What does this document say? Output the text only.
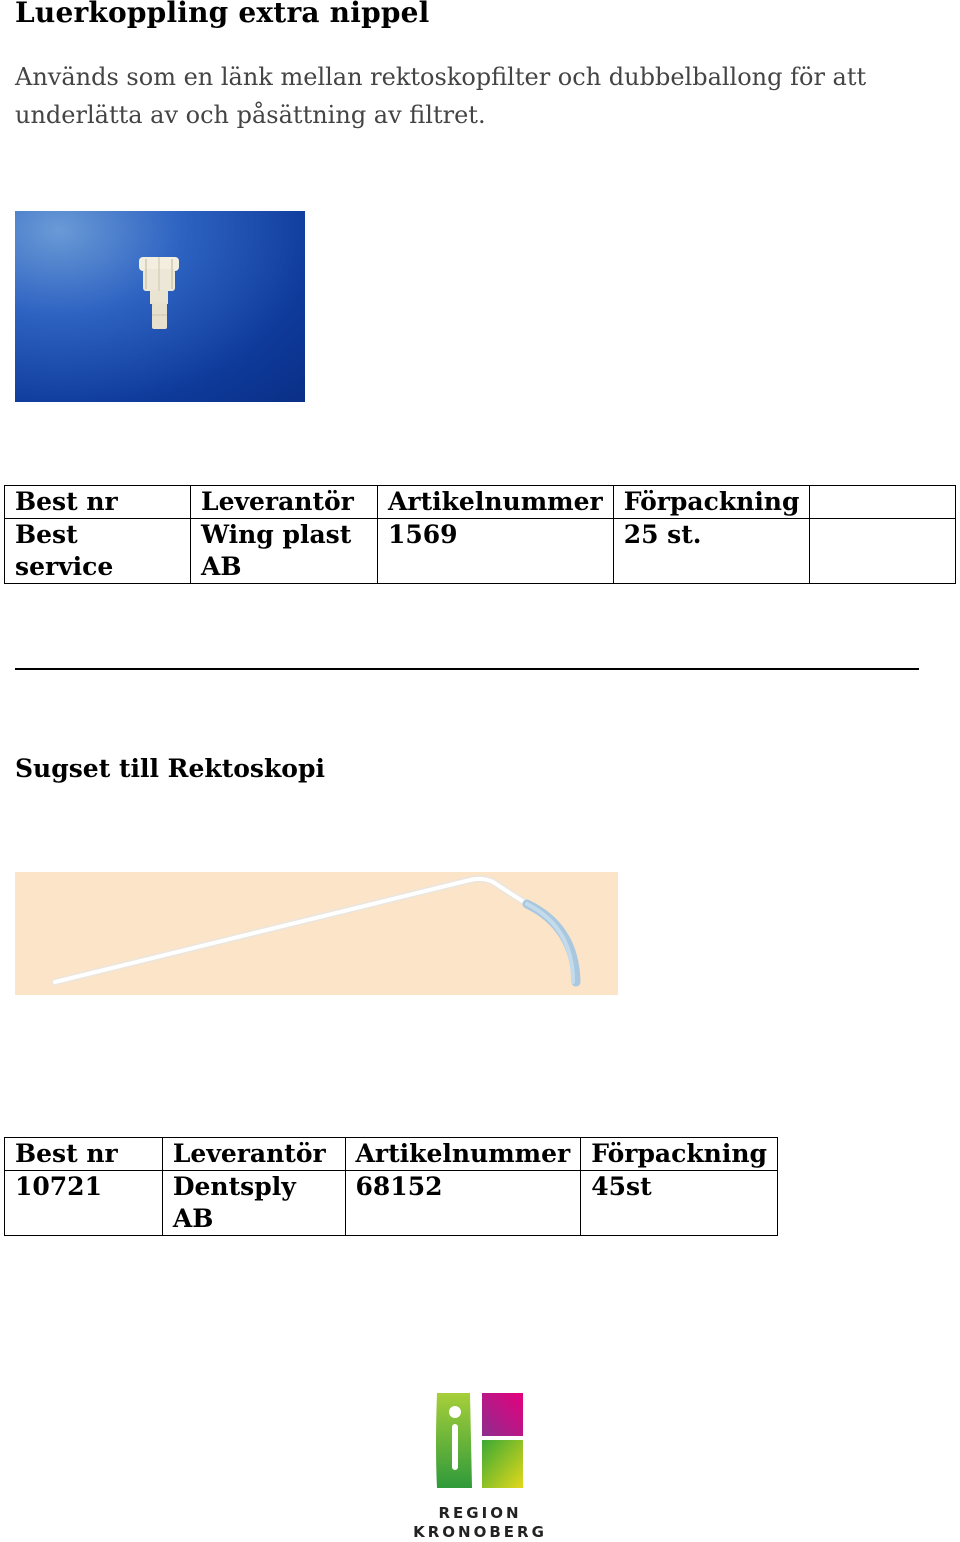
Luerkoppling extra nippel

Används som en länk mellan rektoskopfilter och dubbelballong för att underlätta av och påsättning av filtret.

Best nr	Leverantör	Artikelnummer	Förpackning	
Best service	Wing plast AB	1569	25 st.	
Sugset till Rektoskopi
Best nr	Leverantör	Artikelnummer	Förpackning
10721	Dentsply AB	68152	45st
REGION
KRONOBERG
